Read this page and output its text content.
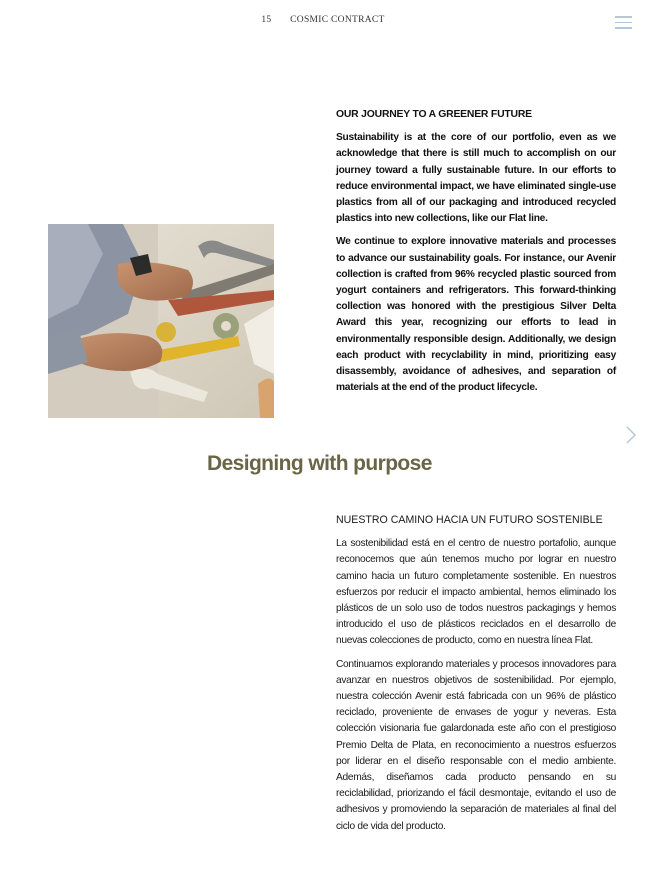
15 COSMIC CONTRACT
OUR JOURNEY TO A GREENER FUTURE

Sustainability is at the core of our portfolio, even as we acknowledge that there is still much to accomplish on our journey toward a fully sustainable future. In our efforts to reduce environmental impact, we have eliminated single-use plastics from all of our packaging and introduced recycled plastics into new collections, like our Flat line.

We continue to explore innovative materials and processes to advance our sustainability goals. For instance, our Avenir collection is crafted from 96% recycled plastic sourced from yogurt containers and refrigerators. This forward-thinking collection was honored with the prestigious Silver Delta Award this year, recognizing our efforts to lead in environmentally responsible design. Additionally, we design each product with recyclability in mind, prioritizing easy disassembly, avoidance of adhesives, and separation of materials at the end of the product lifecycle.

Designing with purpose
NUESTRO CAMINO HACIA UN FUTURO SOSTENIBLE

La sostenibilidad está en el centro de nuestro portafolio, aunque reconocemos que aún tenemos mucho por lograr en nuestro camino hacia un futuro completamente sostenible. En nuestros esfuerzos por reducir el impacto ambiental, hemos eliminado los plásticos de un solo uso de todos nuestros packagings y hemos introducido el uso de plásticos reciclados en el desarrollo de nuevas colecciones de producto, como en nuestra línea Flat.

Continuamos explorando materiales y procesos innovadores para avanzar en nuestros objetivos de sostenibilidad. Por ejemplo, nuestra colección Avenir está fabricada con un 96% de plástico reciclado, proveniente de envases de yogur y neveras. Esta colección visionaria fue galardonada este año con el prestigioso Premio Delta de Plata, en reconocimiento a nuestros esfuerzos por liderar en el diseño responsable con el medio ambiente. Además, diseñamos cada producto pensando en su reciclabilidad, priorizando el fácil desmontaje, evitando el uso de adhesivos y promoviendo la separación de materiales al final del ciclo de vida del producto.
